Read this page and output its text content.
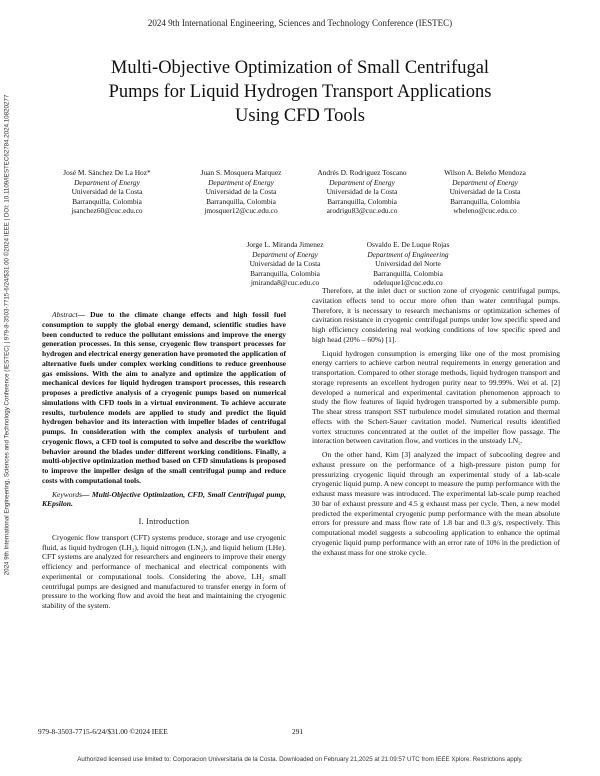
2024 9th International Engineering, Sciences and Technology Conference (IESTEC)
Multi-Objective Optimization of Small Centrifugal
Pumps for Liquid Hydrogen Transport Applications
Using CFD Tools
José M. Sánchez De La Hoz*
Department of Energy
Universidad de la Costa
Barranquilla, Colombia
jsanchez60@cuc.edu.co
Juan S. Mosquera Marquez
Department of Energy
Universidad de la Costa
Barranquilla, Colombia
jmosquer12@cuc.edu.co
Andrés D. Rodriguez Toscano
Department of Energy
Universidad de la Costa
Barranquilla, Colombia
arodrigu83@cuc.edu.co
Wilson A. Beleño Mendoza
Department of Energy
Universidad de la Costa
Barranquilla, Colombia
wbeleno@cuc.edu.co
Jorge L. Miranda Jimenez
Department of Energy
Universidad de la Costa
Barranquilla, Colombia
jmiranda8@cuc.edu.co
Osvaldo E. De Luque Rojas
Department of Engineering
Universidad del Norte
Barranquilla, Colombia
odeluque1@cuc.edu.co
2024 9th International Engineering, Sciences and Technology Conference (IESTEC) | 979-8-3503-7715-6/24/$31.00 ©2024 IEEE | DOI: 10.1109/IESTEC62784.2024.10820277	Abstract— Due to the climate change effects and high fossil fuel consumption to supply the global energy demand, scientific studies have been conducted to reduce the pollutant emissions and improve the energy generation processes. In this sense, cryogenic flow transport processes for hydrogen and electrical energy generation have promoted the application of alternative fuels under complex working conditions to reduce greenhouse gas emissions. With the aim to analyze and optimize the application of mechanical devices for liquid hydrogen transport processes, this research proposes a predictive analysis of a cryogenic pumps based on numerical simulations with CFD tools in a virtual environment. To achieve accurate results, turbulence models are applied to study and predict the liquid hydrogen behavior and its interaction with impeller blades of centrifugal pumps. In consideration with the complex analysis of turbulent and cryogenic flows, a CFD tool is computed to solve and describe the workflow behavior around the blades under different working conditions. Finally, a multi-objective optimization method based on CFD simulations is proposed to improve the impeller design of the small centrifugal pump and reduce costs with computational tools.

Keywords— Multi-Objective Optimization, CFD, Small Centrifugal pump, KEpsilon.

I. Introduction

Cryogenic flow transport (CFT) systems produce, storage and use cryogenic fluid, as liquid hydrogen (LH₂), liquid nitrogen (LN₂), and liquid helium (LHe). CFT systems are analyzed for researchers and engineers to improve their energy efficiency and performance of mechanical and electrical components with experimental or computational tools. Considering the above, LH₂ small centrifugal pumps are designed and manufactured to transfer energy in form of pressure to the working flow and avoid the heat and maintaining the cryogenic stability of the system.

Therefore, at the inlet duct or suction zone of cryogenic centrifugal pumps, cavitation effects tend to occur more often than water centrifugal pumps. Therefore, it is necessary to research mechanisms or optimization schemes of cavitation resistance in cryogenic centrifugal pumps under low specific speed and high efficiency considering real working conditions of low specific speed and high head (20% – 60%) [1].

Liquid hydrogen consumption is emerging like one of the most promising energy carriers to achieve carbon neutral requirements in energy generation and transportation. Compared to other storage methods, liquid hydrogen transport and storage represents an excellent hydrogen purity near to 99.99%. Wei et al. [2] developed a numerical and experimental cavitation phenomenon approach to study the flow features of liquid hydrogen transported by a submersible pump. The shear stress transport SST turbulence model simulated rotation and thermal effects with the Schert-Sauer cavitation model. Numerical results identified vortex structures concentrated at the outlet of the impeller flow passage. The interaction between cavitation flow, and vortices in the unsteady LN₂.

On the other hand, Kim [3] analyzed the impact of subcooling degree and exhaust pressure on the performance of a high-pressure piston pump for pressurizing cryogenic liquid through an experimental study of a lab-scale cryogenic liquid pump. A new concept to measure the pump performance with the exhaust mass measure was introduced. The experimental lab-scale pump reached 30 bar of exhaust pressure and 4.5 g exhaust mass per cycle. Then, a new model predicted the experimental cryogenic pump performance with the mean absolute errors for pressure and mass flow rate of 1.8 bar and 0.3 g/s, respectively. This computational model suggests a subcooling application to enhance the optimal cryogenic liquid pump performance with an error rate of 10% in the prediction of the exhaust mass for one stroke cycle.

979-8-3503-7715-6/24/$31.00 ©2024 IEEE	291
Authorized licensed use limited to: Corporacion Universitaria de la Costa. Downloaded on February 21,2025 at 21:09:57 UTC from IEEE Xplore. Restrictions apply.
